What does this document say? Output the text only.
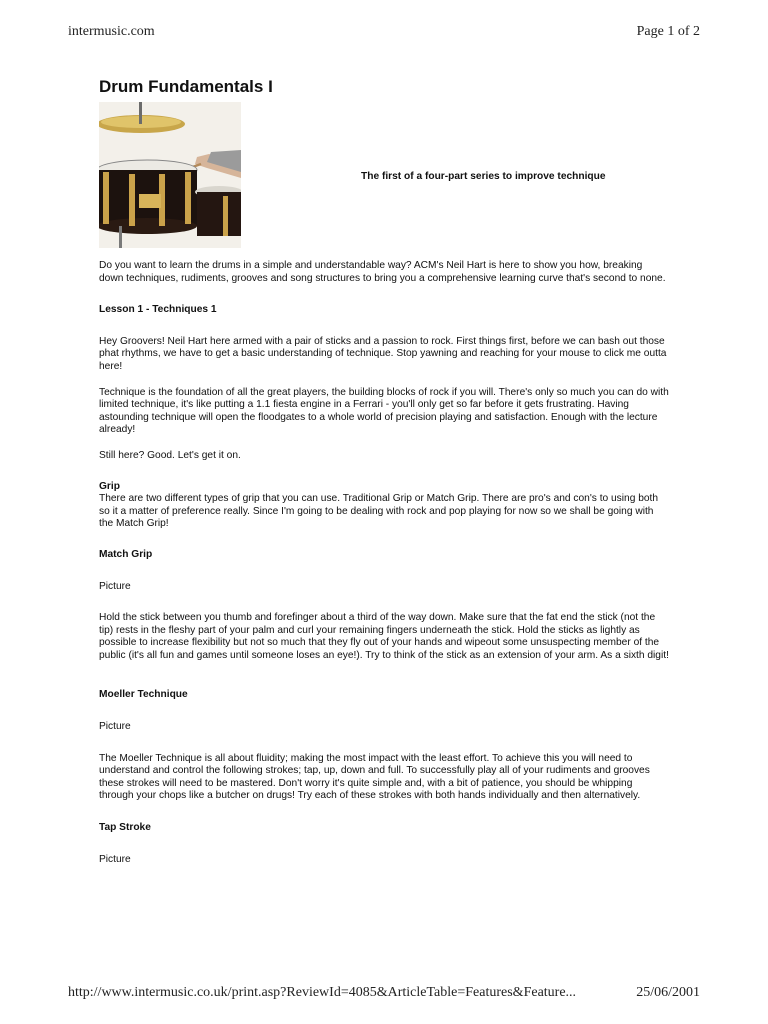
intermusic.com	Page 1 of 2
Drum Fundamentals I
The first of a four-part series to improve technique

Do you want to learn the drums in a simple and understandable way? ACM's Neil Hart is here to show you how, breaking down techniques, rudiments, grooves and song structures to bring you a comprehensive learning curve that's second to none.

Lesson 1 - Techniques 1

Hey Groovers! Neil Hart here armed with a pair of sticks and a passion to rock. First things first, before we can bash out those phat rhythms, we have to get a basic understanding of technique. Stop yawning and reaching for your mouse to click me outta here!

Technique is the foundation of all the great players, the building blocks of rock if you will. There's only so much you can do with limited technique, it's like putting a 1.1 fiesta engine in a Ferrari - you'll only get so far before it gets frustrating. Having astounding technique will open the floodgates to a whole world of precision playing and satisfaction. Enough with the lecture already!

Still here? Good. Let's get it on.

Grip

There are two different types of grip that you can use. Traditional Grip or Match Grip. There are pro's and con's to using both so it a matter of preference really. Since I'm going to be dealing with rock and pop playing for now so we shall be going with the Match Grip!

Match Grip

Picture

Hold the stick between you thumb and forefinger about a third of the way down. Make sure that the fat end the stick (not the tip) rests in the fleshy part of your palm and curl your remaining fingers underneath the stick. Hold the sticks as lightly as possible to increase flexibility but not so much that they fly out of your hands and wipeout some unsuspecting member of the public (it's all fun and games until someone loses an eye!). Try to think of the stick as an extension of your arm. As a sixth digit!

Moeller Technique

Picture

The Moeller Technique is all about fluidity; making the most impact with the least effort. To achieve this you will need to understand and control the following strokes; tap, up, down and full. To successfully play all of your rudiments and grooves these strokes will need to be mastered. Don't worry it's quite simple and, with a bit of patience, you should be whipping through your chops like a butcher on drugs! Try each of these strokes with both hands individually and then alternatively.

Tap Stroke

Picture

http://www.intermusic.co.uk/print.asp?ReviewId=4085&ArticleTable=Features&Feature...	25/06/2001
